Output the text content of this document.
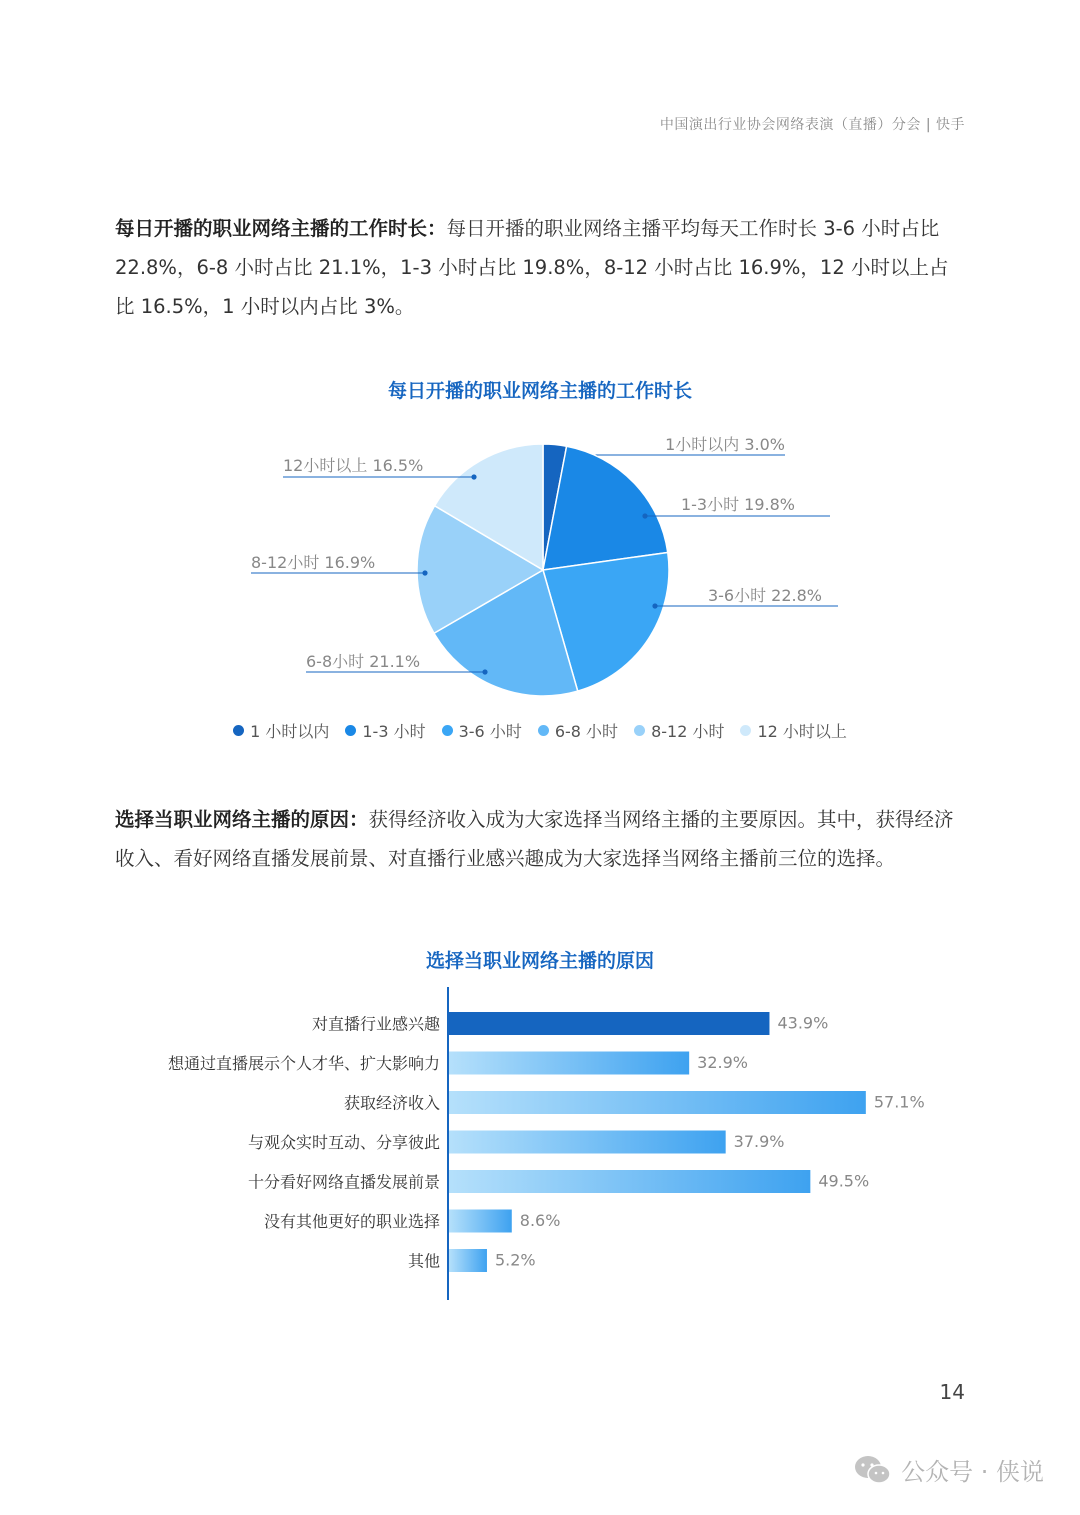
中国演出行业协会网络表演（直播）分会 | 快手
每日开播的职业网络主播的工作时长：每日开播的职业网络主播平均每天工作时长 3-6 小时占比 22.8%，6-8 小时占比 21.1%，1-3 小时占比 19.8%，8-12 小时占比 16.9%，12 小时以上占比 16.5%，1 小时以内占比 3%。
每日开播的职业网络主播的工作时长
1小时以内 3.0%
1-3小时 19.8%
3-6小时 22.8%
6-8小时 21.1%
8-12小时 16.9%
12小时以上 16.5%
1 小时以内 1-3 小时 3-6 小时 6-8 小时 8-12 小时 12 小时以上
选择当职业网络主播的原因：获得经济收入成为大家选择当网络主播的主要原因。其中，获得经济收入、看好网络直播发展前景、对直播行业感兴趣成为大家选择当网络主播前三位的选择。
选择当职业网络主播的原因
对直播行业感兴趣	43.9%
想通过直播展示个人才华、扩大影响力	32.9%
获取经济收入	57.1%
与观众实时互动、分享彼此	37.9%
十分看好网络直播发展前景	49.5%
没有其他更好的职业选择	8.6%
其他	5.2%
14
公众号 · 侠说
